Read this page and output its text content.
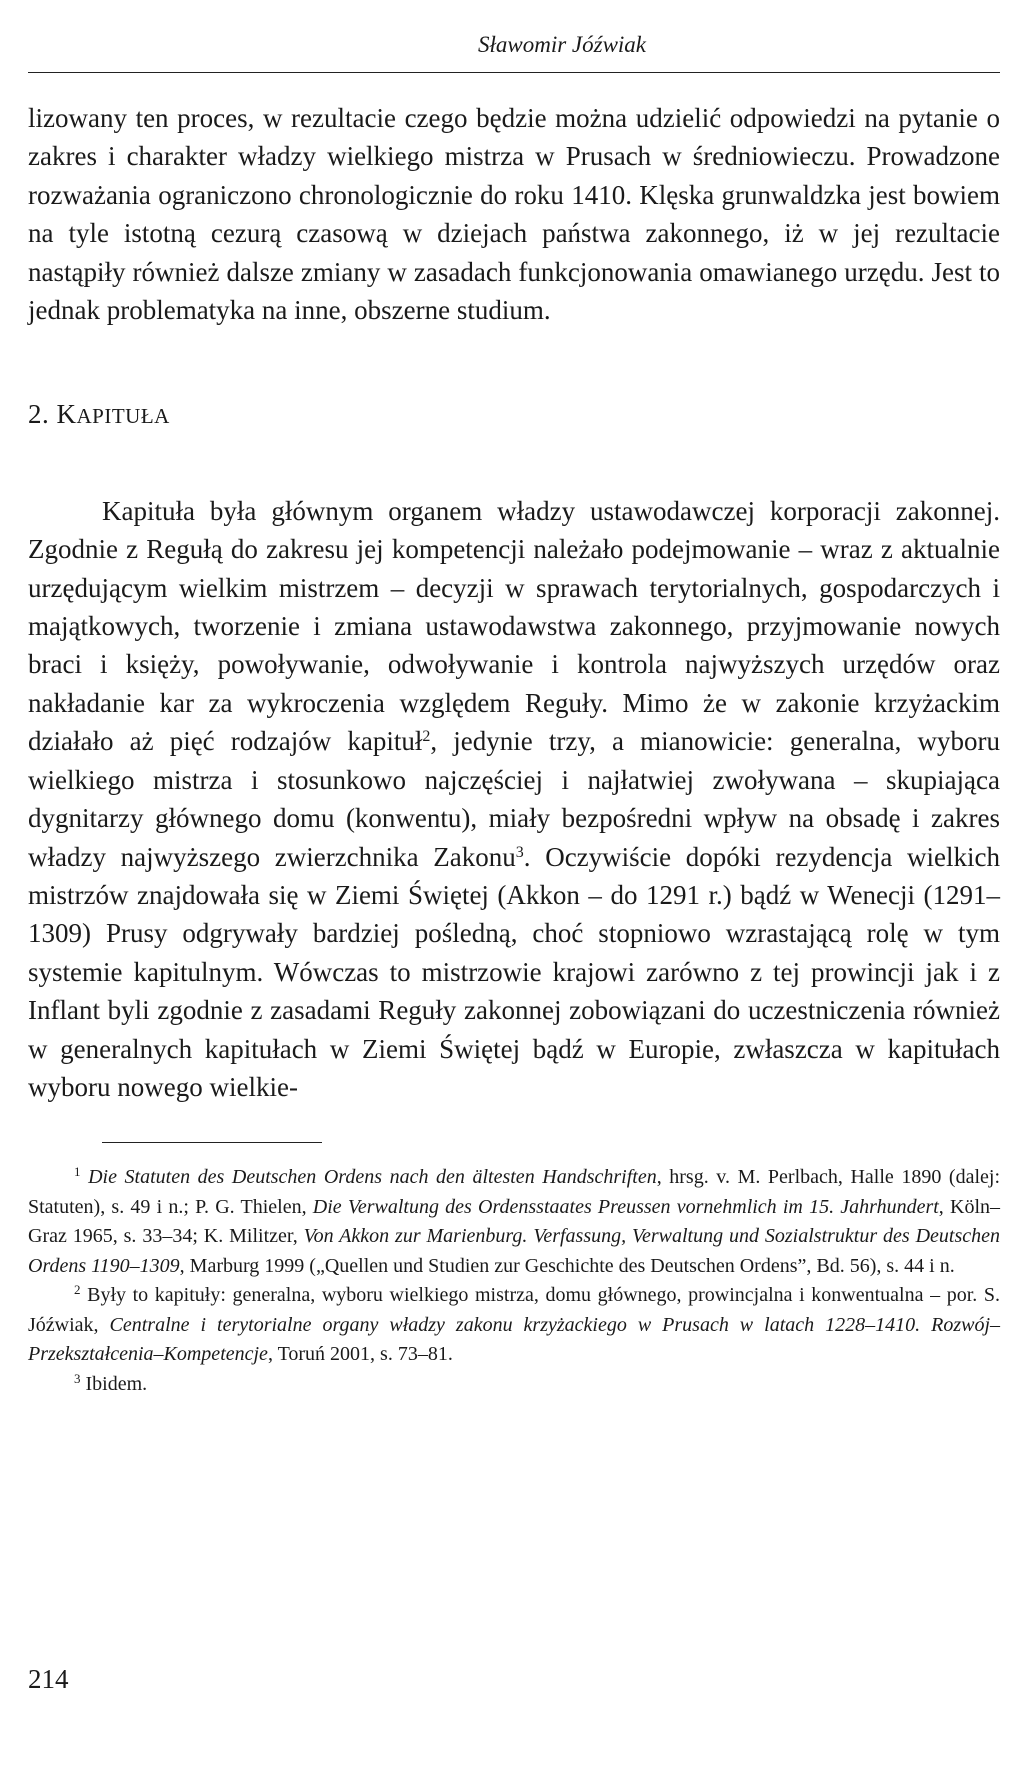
Sławomir Jóźwiak

lizowany ten proces, w rezultacie czego będzie można udzielić odpowiedzi na pytanie o zakres i charakter władzy wielkiego mistrza w Prusach w średniowieczu. Prowadzone rozważania ograniczono chronologicznie do roku 1410. Klęska grunwaldzka jest bowiem na tyle istotną cezurą czasową w dziejach państwa zakonnego, iż w jej rezultacie nastąpiły również dalsze zmiany w zasadach funkcjonowania omawianego urzędu. Jest to jednak problematyka na inne, obszerne studium.

2. KAPITUŁA

Kapituła była głównym organem władzy ustawodawczej korporacji zakonnej. Zgodnie z Regułą do zakresu jej kompetencji należało podejmowanie – wraz z aktualnie urzędującym wielkim mistrzem – decyzji w sprawach terytorialnych, gospodarczych i majątkowych, tworzenie i zmiana ustawodawstwa zakonnego, przyjmowanie nowych braci i księży, powoływanie, odwoływanie i kontrola najwyższych urzędów oraz nakładanie kar za wykroczenia względem Reguły. Mimo że w zakonie krzyżackim działało aż pięć rodzajów kapituł$^2$, jedynie trzy, a mianowicie: generalna, wyboru wielkiego mistrza i stosunkowo najczęściej i najłatwiej zwoływana – skupiająca dygnitarzy głównego domu (konwentu), miały bezpośredni wpływ na obsadę i zakres władzy najwyższego zwierzchnika Zakonu$^3$. Oczywiście dopóki rezydencja wielkich mistrzów znajdowała się w Ziemi Świętej (Akkon – do 1291 r.) bądź w Wenecji (1291–1309) Prusy odgrywały bardziej pośledną, choć stopniowo wzrastającą rolę w tym systemie kapitulnym. Wówczas to mistrzowie krajowi zarówno z tej prowincji jak i z Inflant byli zgodnie z zasadami Reguły zakonnej zobowiązani do uczestniczenia również w generalnych kapitułach w Ziemi Świętej bądź w Europie, zwłaszcza w kapitułach wyboru nowego wielkie-

$^1$ Die Statuten des Deutschen Ordens nach den ältesten Handschriften, hrsg. v. M. Perlbach, Halle 1890 (dalej: Statuten), s. 49 i n.; P. G. Thielen, Die Verwaltung des Ordensstaates Preussen vornehmlich im 15. Jahrhundert, Köln–Graz 1965, s. 33–34; K. Militzer, Von Akkon zur Marienburg. Verfassung, Verwaltung und Sozialstruktur des Deutschen Ordens 1190–1309, Marburg 1999 („Quellen und Studien zur Geschichte des Deutschen Ordens”, Bd. 56), s. 44 i n.

$^2$ Były to kapituły: generalna, wyboru wielkiego mistrza, domu głównego, prowincjalna i konwentualna – por. S. Jóźwiak, Centralne i terytorialne organy władzy zakonu krzyżackiego w Prusach w latach 1228–1410. Rozwój–Przekształcenia–Kompetencje, Toruń 2001, s. 73–81.

$^3$ Ibidem.

214
